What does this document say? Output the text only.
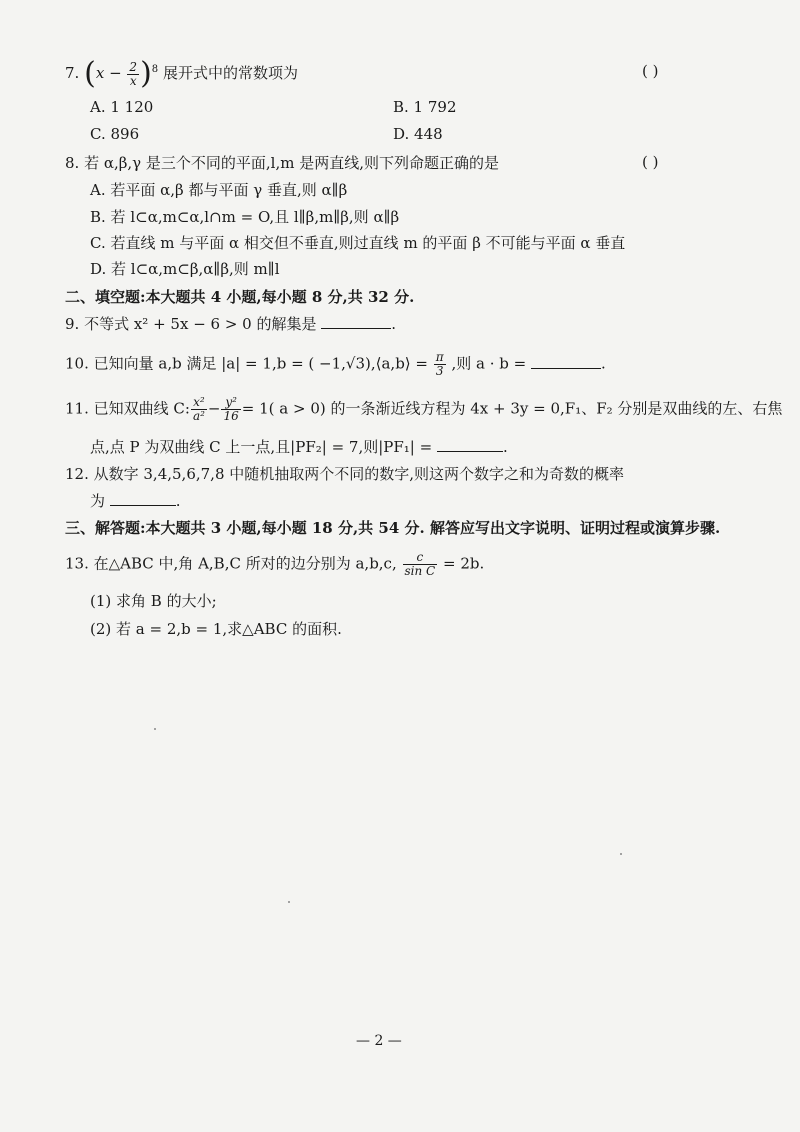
7. $(x - \frac{2}{x} )^8$ 展开式中的常数项为	( )
A. 1 120	B. 1 792
C. 896	D. 448
8. 若 α,β,γ 是三个不同的平面,l,m 是两直线,则下列命题正确的是	( )
A. 若平面 α,β 都与平面 γ 垂直,则 α∥β
B. 若 l⊂α,m⊂α,l∩m = O,且 l∥β,m∥β,则 α∥β
C. 若直线 m 与平面 α 相交但不垂直,则过直线 m 的平面 β 不可能与平面 α 垂直
D. 若 l⊂α,m⊂β,α∥β,则 m∥l
二、填空题:本大题共 4 小题,每小题 8 分,共 32 分.
9. 不等式 x² + 5x − 6 > 0 的解集是	.
10. 已知向量 a,b 满足 |a| = 1,b = ( −1,√3),⟨a,b⟩ = $\frac{\pi}{3}$ ,则 a · b =	.
11. 已知双曲线 C: $\frac{\text{x²}}{\text{a²}} - \frac{\text{y²}}{16} = 1$( a > 0) 的一条渐近线方程为 4x + 3y = 0,F₁、F₂ 分别是双曲线的左、右焦
点,点 P 为双曲线 C 上一点,且|PF₂| = 7,则|PF₁| =	.
12. 从数字 3,4,5,6,7,8 中随机抽取两个不同的数字,则这两个数字之和为奇数的概率
为	.
三、解答题:本大题共 3 小题,每小题 18 分,共 54 分. 解答应写出文字说明、证明过程或演算步骤.
13. 在△ABC 中,角 A,B,C 所对的边分别为 a,b,c, $\frac{c}{\text{sin C}} = 2b$.
(1) 求角 B 的大小;
(2) 若 a = 2,b = 1,求△ABC 的面积.
— 2 —
